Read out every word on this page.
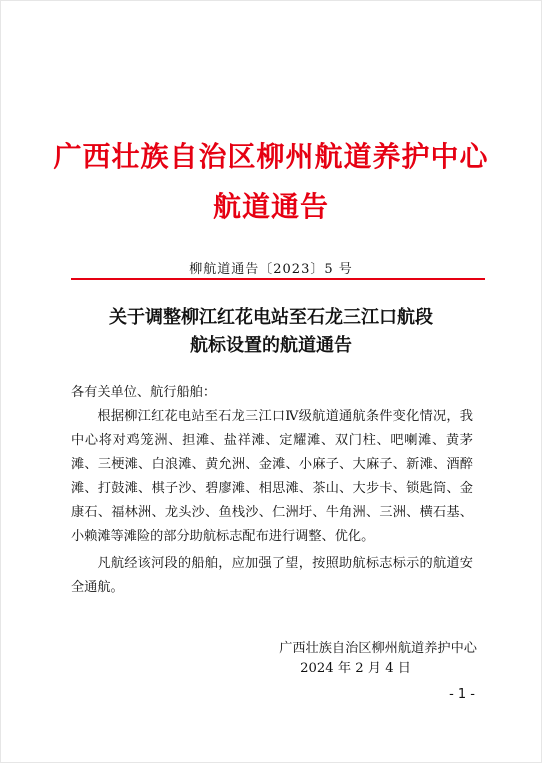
广西壮族自治区柳州航道养护中心
航道通告
柳航道通告〔2023〕5 号
关于调整柳江红花电站至石龙三江口航段
航标设置的航道通告
各有关单位、航行船舶：

根据柳江红花电站至石龙三江口Ⅳ级航道通航条件变化情况，我中心将对鸡笼洲、担滩、盐祥滩、定耀滩、双门柱、吧喇滩、黄茅滩、三梗滩、白浪滩、黄允洲、金滩、小麻子、大麻子、新滩、酒醉滩、打鼓滩、棋子沙、碧廖滩、相思滩、茶山、大步卡、锁匙筒、金康石、福林洲、龙头沙、鱼栈沙、仁洲圩、牛角洲、三洲、横石基、小赖滩等滩险的部分助航标志配布进行调整、优化。

凡航经该河段的船舶，应加强了望，按照助航标志标示的航道安全通航。

广西壮族自治区柳州航道养护中心
2024 年 2 月 4 日
- 1 -
